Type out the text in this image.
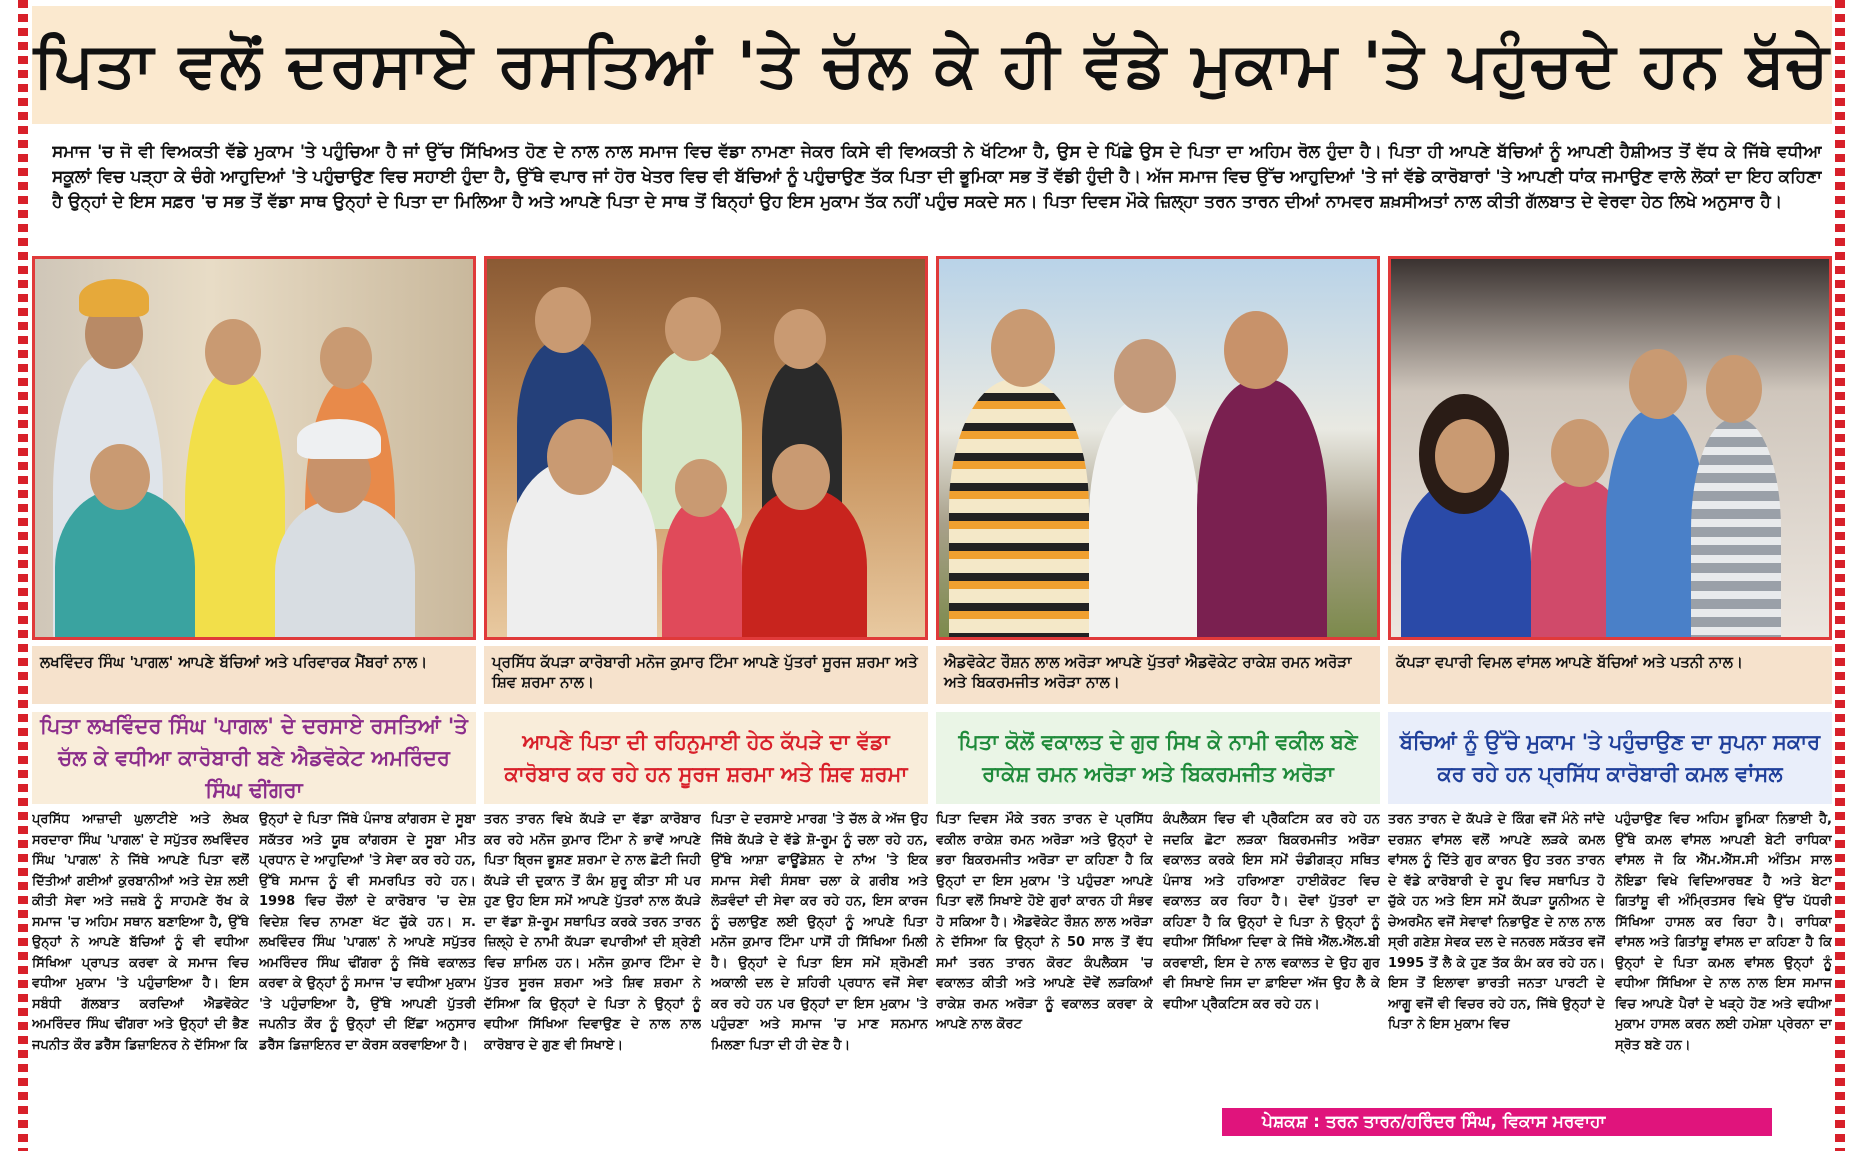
ਪਿਤਾ ਵਲੋਂ ਦਰਸਾਏ ਰਸਤਿਆਂ 'ਤੇ ਚੱਲ ਕੇ ਹੀ ਵੱਡੇ ਮੁਕਾਮ 'ਤੇ ਪਹੁੰਚਦੇ ਹਨ ਬੱਚੇ
ਸਮਾਜ 'ਚ ਜੋ ਵੀ ਵਿਅਕਤੀ ਵੱਡੇ ਮੁਕਾਮ 'ਤੇ ਪਹੁੰਚਿਆ ਹੈ ਜਾਂ ਉੱਚ ਸਿੱਖਿਅਤ ਹੋਣ ਦੇ ਨਾਲ ਨਾਲ ਸਮਾਜ ਵਿਚ ਵੱਡਾ ਨਾਮਣਾ ਜੇਕਰ ਕਿਸੇ ਵੀ ਵਿਅਕਤੀ ਨੇ ਖੱਟਿਆ ਹੈ, ਉਸ ਦੇ ਪਿੱਛੇ ਉਸ ਦੇ ਪਿਤਾ ਦਾ ਅਹਿਮ ਰੋਲ ਹੁੰਦਾ ਹੈ। ਪਿਤਾ ਹੀ ਆਪਣੇ ਬੱਚਿਆਂ ਨੂੰ ਆਪਣੀ ਹੈਸ਼ੀਅਤ ਤੋਂ ਵੱਧ ਕੇ ਜਿੱਥੇ ਵਧੀਆ ਸਕੂਲਾਂ ਵਿਚ ਪੜ੍ਹਾ ਕੇ ਚੰਗੇ ਆਹੁਦਿਆਂ 'ਤੇ ਪਹੁੰਚਾਉਣ ਵਿਚ ਸਹਾਈ ਹੁੰਦਾ ਹੈ, ਉੱਥੇ ਵਪਾਰ ਜਾਂ ਹੋਰ ਖੇਤਰ ਵਿਚ ਵੀ ਬੱਚਿਆਂ ਨੂੰ ਪਹੁੰਚਾਉਣ ਤੱਕ ਪਿਤਾ ਦੀ ਭੂਮਿਕਾ ਸਭ ਤੋਂ ਵੱਡੀ ਹੁੰਦੀ ਹੈ। ਅੱਜ ਸਮਾਜ ਵਿਚ ਉੱਚ ਆਹੁਦਿਆਂ 'ਤੇ ਜਾਂ ਵੱਡੇ ਕਾਰੋਬਾਰਾਂ 'ਤੇ ਆਪਣੀ ਧਾਂਕ ਜਮਾਉਣ ਵਾਲੇ ਲੋਕਾਂ ਦਾ ਇਹ ਕਹਿਣਾ ਹੈ ਉਨ੍ਹਾਂ ਦੇ ਇਸ ਸਫ਼ਰ 'ਚ ਸਭ ਤੋਂ ਵੱਡਾ ਸਾਥ ਉਨ੍ਹਾਂ ਦੇ ਪਿਤਾ ਦਾ ਮਿਲਿਆ ਹੈ ਅਤੇ ਆਪਣੇ ਪਿਤਾ ਦੇ ਸਾਥ ਤੋਂ ਬਿਨ੍ਹਾਂ ਉਹ ਇਸ ਮੁਕਾਮ ਤੱਕ ਨਹੀਂ ਪਹੁੰਚ ਸਕਦੇ ਸਨ। ਪਿਤਾ ਦਿਵਸ ਮੌਕੇ ਜ਼ਿਲ੍ਹਾ ਤਰਨ ਤਾਰਨ ਦੀਆਂ ਨਾਮਵਰ ਸ਼ਖ਼ਸੀਅਤਾਂ ਨਾਲ ਕੀਤੀ ਗੱਲਬਾਤ ਦੇ ਵੇਰਵਾ ਹੇਠ ਲਿਖੇ ਅਨੁਸਾਰ ਹੈ।
ਲਖਵਿੰਦਰ ਸਿੰਘ 'ਪਾਗਲ' ਆਪਣੇ ਬੱਚਿਆਂ ਅਤੇ ਪਰਿਵਾਰਕ ਮੈਂਬਰਾਂ ਨਾਲ।
ਪਿਤਾ ਲਖਵਿੰਦਰ ਸਿੰਘ 'ਪਾਗਲ' ਦੇ ਦਰਸਾਏ ਰਸਤਿਆਂ 'ਤੇ ਚੱਲ ਕੇ ਵਧੀਆ ਕਾਰੋਬਾਰੀ ਬਣੇ ਐਡਵੋਕੇਟ ਅਮਰਿੰਦਰ ਸਿੰਘ ਢੀਂਗਰਾ

ਪ੍ਰਸਿੱਧ ਆਜ਼ਾਦੀ ਘੁਲਾਟੀਏ ਅਤੇ ਲੇਖਕ ਸਰਦਾਰਾ ਸਿੰਘ 'ਪਾਗਲ' ਦੇ ਸਪੁੱਤਰ ਲਖਵਿੰਦਰ ਸਿੰਘ 'ਪਾਗਲ' ਨੇ ਜਿੱਥੇ ਆਪਣੇ ਪਿਤਾ ਵਲੋਂ ਦਿੱਤੀਆਂ ਗਈਆਂ ਕੁਰਬਾਨੀਆਂ ਅਤੇ ਦੇਸ਼ ਲਈ ਕੀਤੀ ਸੇਵਾ ਅਤੇ ਜਜ਼ਬੇ ਨੂੰ ਸਾਹਮਣੇ ਰੱਖ ਕੇ ਸਮਾਜ 'ਚ ਅਹਿਮ ਸਥਾਨ ਬਣਾਇਆ ਹੈ, ਉੱਥੇ ਉਨ੍ਹਾਂ ਨੇ ਆਪਣੇ ਬੱਚਿਆਂ ਨੂੰ ਵੀ ਵਧੀਆ ਸਿੱਖਿਆ ਪ੍ਰਾਪਤ ਕਰਵਾ ਕੇ ਸਮਾਜ ਵਿਚ ਵਧੀਆ ਮੁਕਾਮ 'ਤੇ ਪਹੁੰਚਾਇਆ ਹੈ। ਇਸ ਸਬੰਧੀ ਗੱਲਬਾਤ ਕਰਦਿਆਂ ਐਡਵੋਕੇਟ ਅਮਰਿੰਦਰ ਸਿੰਘ ਢੀਂਗਰਾ ਅਤੇ ਉਨ੍ਹਾਂ ਦੀ ਭੈਣ ਜਪਨੀਤ ਕੌਰ ਡਰੈੱਸ ਡਿਜ਼ਾਇਨਰ ਨੇ ਦੱਸਿਆ ਕਿ

ਉਨ੍ਹਾਂ ਦੇ ਪਿਤਾ ਜਿੱਥੇ ਪੰਜਾਬ ਕਾਂਗਰਸ ਦੇ ਸੂਬਾ ਸਕੱਤਰ ਅਤੇ ਯੂਥ ਕਾਂਗਰਸ ਦੇ ਸੂਬਾ ਮੀਤ ਪ੍ਰਧਾਨ ਦੇ ਆਹੁਦਿਆਂ 'ਤੇ ਸੇਵਾ ਕਰ ਰਹੇ ਹਨ, ਉੱਥੇ ਸਮਾਜ ਨੂੰ ਵੀ ਸਮਰਪਿਤ ਰਹੇ ਹਨ। 1998 ਵਿਚ ਚੌਲਾਂ ਦੇ ਕਾਰੋਬਾਰ 'ਚ ਦੇਸ਼ ਵਿਦੇਸ਼ ਵਿਚ ਨਾਮਣਾ ਖੱਟ ਚੁੱਕੇ ਹਨ। ਸ. ਲਖਵਿੰਦਰ ਸਿੰਘ 'ਪਾਗਲ' ਨੇ ਆਪਣੇ ਸਪੁੱਤਰ ਅਮਰਿੰਦਰ ਸਿੰਘ ਢੀਂਗਰਾ ਨੂੰ ਜਿੱਥੇ ਵਕਾਲਤ ਕਰਵਾ ਕੇ ਉਨ੍ਹਾਂ ਨੂੰ ਸਮਾਜ 'ਚ ਵਧੀਆ ਮੁਕਾਮ 'ਤੇ ਪਹੁੰਚਾਇਆ ਹੈ, ਉੱਥੇ ਆਪਣੀ ਪੁੱਤਰੀ ਜਪਨੀਤ ਕੌਰ ਨੂੰ ਉਨ੍ਹਾਂ ਦੀ ਇੱਛਾ ਅਨੁਸਾਰ ਡਰੈੱਸ ਡਿਜ਼ਾਇਨਰ ਦਾ ਕੋਰਸ ਕਰਵਾਇਆ ਹੈ।

ਪ੍ਰਸਿੱਧ ਕੱਪੜਾ ਕਾਰੋਬਾਰੀ ਮਨੋਜ ਕੁਮਾਰ ਟਿੰਮਾ ਆਪਣੇ ਪੁੱਤਰਾਂ ਸੂਰਜ ਸ਼ਰਮਾ ਅਤੇ ਸ਼ਿਵ ਸ਼ਰਮਾ ਨਾਲ।
ਆਪਣੇ ਪਿਤਾ ਦੀ ਰਹਿਨੁਮਾਈ ਹੇਠ ਕੱਪੜੇ ਦਾ ਵੱਡਾ ਕਾਰੋਬਾਰ ਕਰ ਰਹੇ ਹਨ ਸੂਰਜ ਸ਼ਰਮਾ ਅਤੇ ਸ਼ਿਵ ਸ਼ਰਮਾ

ਤਰਨ ਤਾਰਨ ਵਿਖੇ ਕੱਪੜੇ ਦਾ ਵੱਡਾ ਕਾਰੋਬਾਰ ਕਰ ਰਹੇ ਮਨੋਜ ਕੁਮਾਰ ਟਿੰਮਾ ਨੇ ਭਾਵੇਂ ਆਪਣੇ ਪਿਤਾ ਬ੍ਰਿਜ ਭੂਸ਼ਣ ਸ਼ਰਮਾ ਦੇ ਨਾਲ ਛੋਟੀ ਜਿਹੀ ਕੱਪੜੇ ਦੀ ਦੁਕਾਨ ਤੋਂ ਕੰਮ ਸ਼ੁਰੂ ਕੀਤਾ ਸੀ ਪਰ ਹੁਣ ਉਹ ਇਸ ਸਮੇਂ ਆਪਣੇ ਪੁੱਤਰਾਂ ਨਾਲ ਕੱਪੜੇ ਦਾ ਵੱਡਾ ਸ਼ੋ-ਰੂਮ ਸਥਾਪਿਤ ਕਰਕੇ ਤਰਨ ਤਾਰਨ ਜ਼ਿਲ੍ਹੇ ਦੇ ਨਾਮੀ ਕੱਪੜਾ ਵਪਾਰੀਆਂ ਦੀ ਸ਼੍ਰੇਣੀ ਵਿਚ ਸ਼ਾਮਿਲ ਹਨ। ਮਨੋਜ ਕੁਮਾਰ ਟਿੰਮਾ ਦੇ ਪੁੱਤਰ ਸੂਰਜ ਸ਼ਰਮਾ ਅਤੇ ਸ਼ਿਵ ਸ਼ਰਮਾ ਨੇ ਦੱਸਿਆ ਕਿ ਉਨ੍ਹਾਂ ਦੇ ਪਿਤਾ ਨੇ ਉਨ੍ਹਾਂ ਨੂੰ ਵਧੀਆ ਸਿੱਖਿਆ ਦਿਵਾਉਣ ਦੇ ਨਾਲ ਨਾਲ ਕਾਰੋਬਾਰ ਦੇ ਗੁਣ ਵੀ ਸਿਖਾਏ।

ਪਿਤਾ ਦੇ ਦਰਸਾਏ ਮਾਰਗ 'ਤੇ ਚੱਲ ਕੇ ਅੱਜ ਉਹ ਜਿੱਥੇ ਕੱਪੜੇ ਦੇ ਵੱਡੇ ਸ਼ੋ-ਰੂਮ ਨੂੰ ਚਲਾ ਰਹੇ ਹਨ, ਉੱਥੇ ਆਸ਼ਾ ਫਾਊਂਡੇਸ਼ਨ ਦੇ ਨਾਂਅ 'ਤੇ ਇਕ ਸਮਾਜ ਸੇਵੀ ਸੰਸਥਾ ਚਲਾ ਕੇ ਗਰੀਬ ਅਤੇ ਲੋੜਵੰਦਾਂ ਦੀ ਸੇਵਾ ਕਰ ਰਹੇ ਹਨ, ਇਸ ਕਾਰਜ ਨੂੰ ਚਲਾਉਣ ਲਈ ਉਨ੍ਹਾਂ ਨੂੰ ਆਪਣੇ ਪਿਤਾ ਮਨੋਜ ਕੁਮਾਰ ਟਿੰਮਾ ਪਾਸੋਂ ਹੀ ਸਿੱਖਿਆ ਮਿਲੀ ਹੈ। ਉਨ੍ਹਾਂ ਦੇ ਪਿਤਾ ਇਸ ਸਮੇਂ ਸ਼੍ਰੋਮਣੀ ਅਕਾਲੀ ਦਲ ਦੇ ਸ਼ਹਿਰੀ ਪ੍ਰਧਾਨ ਵਜੋਂ ਸੇਵਾ ਕਰ ਰਹੇ ਹਨ ਪਰ ਉਨ੍ਹਾਂ ਦਾ ਇਸ ਮੁਕਾਮ 'ਤੇ ਪਹੁੰਚਣਾ ਅਤੇ ਸਮਾਜ 'ਚ ਮਾਣ ਸਨਮਾਨ ਮਿਲਣਾ ਪਿਤਾ ਦੀ ਹੀ ਦੇਣ ਹੈ।

ਐਡਵੋਕੇਟ ਰੌਸ਼ਨ ਲਾਲ ਅਰੋੜਾ ਆਪਣੇ ਪੁੱਤਰਾਂ ਐਡਵੋਕੇਟ ਰਾਕੇਸ਼ ਰਮਨ ਅਰੋੜਾ ਅਤੇ ਬਿਕਰਮਜੀਤ ਅਰੋੜਾ ਨਾਲ।
ਪਿਤਾ ਕੋਲੋਂ ਵਕਾਲਤ ਦੇ ਗੁਰ ਸਿਖ ਕੇ ਨਾਮੀ ਵਕੀਲ ਬਣੇ ਰਾਕੇਸ਼ ਰਮਨ ਅਰੋੜਾ ਅਤੇ ਬਿਕਰਮਜੀਤ ਅਰੋੜਾ

ਪਿਤਾ ਦਿਵਸ ਮੌਕੇ ਤਰਨ ਤਾਰਨ ਦੇ ਪ੍ਰਸਿੱਧ ਵਕੀਲ ਰਾਕੇਸ਼ ਰਮਨ ਅਰੋੜਾ ਅਤੇ ਉਨ੍ਹਾਂ ਦੇ ਭਰਾ ਬਿਕਰਮਜੀਤ ਅਰੋੜਾ ਦਾ ਕਹਿਣਾ ਹੈ ਕਿ ਉਨ੍ਹਾਂ ਦਾ ਇਸ ਮੁਕਾਮ 'ਤੇ ਪਹੁੰਚਣਾ ਆਪਣੇ ਪਿਤਾ ਵਲੋਂ ਸਿਖਾਏ ਹੋਏ ਗੁਰਾਂ ਕਾਰਨ ਹੀ ਸੰਭਵ ਹੋ ਸਕਿਆ ਹੈ। ਐਡਵੋਕੇਟ ਰੌਸ਼ਨ ਲਾਲ ਅਰੋੜਾ ਨੇ ਦੱਸਿਆ ਕਿ ਉਨ੍ਹਾਂ ਨੇ 50 ਸਾਲ ਤੋਂ ਵੱਧ ਸਮਾਂ ਤਰਨ ਤਾਰਨ ਕੋਰਟ ਕੰਪਲੈਕਸ 'ਚ ਵਕਾਲਤ ਕੀਤੀ ਅਤੇ ਆਪਣੇ ਦੋਵੇਂ ਲੜਕਿਆਂ ਰਾਕੇਸ਼ ਰਮਨ ਅਰੋੜਾ ਨੂੰ ਵਕਾਲਤ ਕਰਵਾ ਕੇ ਆਪਣੇ ਨਾਲ ਕੋਰਟ

ਕੰਪਲੈਕਸ ਵਿਚ ਵੀ ਪ੍ਰੈਕਟਿਸ ਕਰ ਰਹੇ ਹਨ ਜਦਕਿ ਛੋਟਾ ਲੜਕਾ ਬਿਕਰਮਜੀਤ ਅਰੋੜਾ ਵਕਾਲਤ ਕਰਕੇ ਇਸ ਸਮੇਂ ਚੰਡੀਗੜ੍ਹ ਸਥਿਤ ਪੰਜਾਬ ਅਤੇ ਹਰਿਆਣਾ ਹਾਈਕੋਰਟ ਵਿਚ ਵਕਾਲਤ ਕਰ ਰਿਹਾ ਹੈ। ਦੋਵਾਂ ਪੁੱਤਰਾਂ ਦਾ ਕਹਿਣਾ ਹੈ ਕਿ ਉਨ੍ਹਾਂ ਦੇ ਪਿਤਾ ਨੇ ਉਨ੍ਹਾਂ ਨੂੰ ਵਧੀਆ ਸਿੱਖਿਆ ਦਿਵਾ ਕੇ ਜਿੱਥੇ ਐੱਲ.ਐੱਲ.ਬੀ ਕਰਵਾਈ, ਇਸ ਦੇ ਨਾਲ ਵਕਾਲਤ ਦੇ ਉਹ ਗੁਰ ਵੀ ਸਿਖਾਏ ਜਿਸ ਦਾ ਫ਼ਾਇਦਾ ਅੱਜ ਉਹ ਲੈ ਕੇ ਵਧੀਆ ਪ੍ਰੈਕਟਿਸ ਕਰ ਰਹੇ ਹਨ।

ਕੱਪੜਾ ਵਪਾਰੀ ਵਿਮਲ ਵਾਂਸਲ ਆਪਣੇ ਬੱਚਿਆਂ ਅਤੇ ਪਤਨੀ ਨਾਲ।
ਬੱਚਿਆਂ ਨੂੰ ਉੱਚੇ ਮੁਕਾਮ 'ਤੇ ਪਹੁੰਚਾਉਣ ਦਾ ਸੁਪਨਾ ਸਕਾਰ ਕਰ ਰਹੇ ਹਨ ਪ੍ਰਸਿੱਧ ਕਾਰੋਬਾਰੀ ਕਮਲ ਵਾਂਸਲ

ਤਰਨ ਤਾਰਨ ਦੇ ਕੱਪੜੇ ਦੇ ਕਿੰਗ ਵਜੋਂ ਮੰਨੇ ਜਾਂਦੇ ਦਰਸ਼ਨ ਵਾਂਸਲ ਵਲੋਂ ਆਪਣੇ ਲੜਕੇ ਕਮਲ ਵਾਂਸਲ ਨੂੰ ਦਿੱਤੇ ਗੁਰ ਕਾਰਨ ਉਹ ਤਰਨ ਤਾਰਨ ਦੇ ਵੱਡੇ ਕਾਰੋਬਾਰੀ ਦੇ ਰੂਪ ਵਿਚ ਸਥਾਪਿਤ ਹੋ ਚੁੱਕੇ ਹਨ ਅਤੇ ਇਸ ਸਮੇਂ ਕੱਪੜਾ ਯੂਨੀਅਨ ਦੇ ਚੇਅਰਮੈਨ ਵਜੋਂ ਸੇਵਾਵਾਂ ਨਿਭਾਉਣ ਦੇ ਨਾਲ ਨਾਲ ਸ੍ਰੀ ਗਣੇਸ਼ ਸੇਵਕ ਦਲ ਦੇ ਜਨਰਲ ਸਕੱਤਰ ਵਜੋਂ 1995 ਤੋਂ ਲੈ ਕੇ ਹੁਣ ਤੱਕ ਕੰਮ ਕਰ ਰਹੇ ਹਨ। ਇਸ ਤੋਂ ਇਲਾਵਾ ਭਾਰਤੀ ਜਨਤਾ ਪਾਰਟੀ ਦੇ ਆਗੂ ਵਜੋਂ ਵੀ ਵਿਚਰ ਰਹੇ ਹਨ, ਜਿੱਥੇ ਉਨ੍ਹਾਂ ਦੇ ਪਿਤਾ ਨੇ ਇਸ ਮੁਕਾਮ ਵਿਚ

ਪਹੁੰਚਾਉਣ ਵਿਚ ਅਹਿਮ ਭੂਮਿਕਾ ਨਿਭਾਈ ਹੈ, ਉੱਥੇ ਕਮਲ ਵਾਂਸਲ ਆਪਣੀ ਬੇਟੀ ਰਾਧਿਕਾ ਵਾਂਸਲ ਜੋ ਕਿ ਐੱਮ.ਐੱਸ.ਸੀ ਅੰਤਿਮ ਸਾਲ ਨੋਇਡਾ ਵਿਖੇ ਵਿਦਿਆਰਥਣ ਹੈ ਅਤੇ ਬੇਟਾ ਗਿਤਾਂਸ਼ੂ ਵੀ ਅੰਮ੍ਰਿਤਸਰ ਵਿਖੇ ਉੱਚ ਪੱਧਰੀ ਸਿੱਖਿਆ ਹਾਸਲ ਕਰ ਰਿਹਾ ਹੈ। ਰਾਧਿਕਾ ਵਾਂਸਲ ਅਤੇ ਗਿਤਾਂਸ਼ੂ ਵਾਂਸਲ ਦਾ ਕਹਿਣਾ ਹੈ ਕਿ ਉਨ੍ਹਾਂ ਦੇ ਪਿਤਾ ਕਮਲ ਵਾਂਸਲ ਉਨ੍ਹਾਂ ਨੂੰ ਵਧੀਆ ਸਿੱਖਿਆ ਦੇ ਨਾਲ ਨਾਲ ਇਸ ਸਮਾਜ ਵਿਚ ਆਪਣੇ ਪੈਰਾਂ ਦੇ ਖੜ੍ਹੇ ਹੋਣ ਅਤੇ ਵਧੀਆ ਮੁਕਾਮ ਹਾਸਲ ਕਰਨ ਲਈ ਹਮੇਸ਼ਾ ਪ੍ਰੇਰਨਾ ਦਾ ਸ੍ਰੋਤ ਬਣੇ ਹਨ।

ਪੇਸ਼ਕਸ਼ : ਤਰਨ ਤਾਰਨ/ਹਰਿੰਦਰ ਸਿੰਘ, ਵਿਕਾਸ ਮਰਵਾਹਾ
